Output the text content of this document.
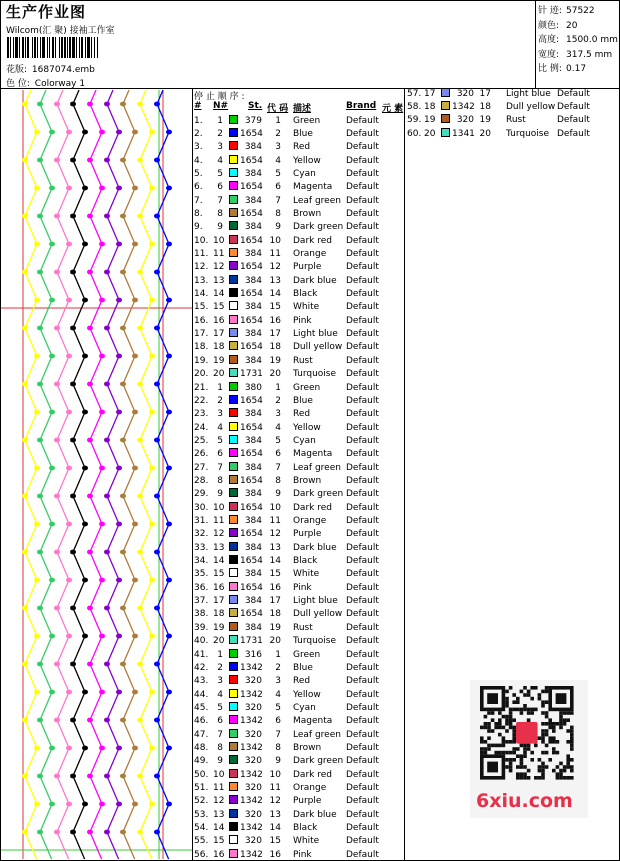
生产作业图
Wilcom(汇 聚) 接袖工作室
花版: 1687074.emb
色 位: Colorway 1
针 迹: 57522
颜色: 20
高度: 1500.0 mm
宽度: 317.5 mm
比 例: 0.17
停 止 顺 序 :
# N# St. 代 码 描述	Brand 元 素
1.	1	379	1 Green	Default
2.	2 1654	2 Blue	Default
3.	3	384	3 Red	Default
4.	4 1654	4 Yellow	Default
5.	5	384	5 Cyan	Default
6.	6 1654	6 Magenta Default
7.	7	384	7 Leaf green Default
8.	8 1654	8 Brown	Default
9.	9	384	9 Dark green Default
10. 10 1654 10 Dark red Default
11. 11	384 11 Orange Default
12. 12 1654 12 Purple	Default
13. 13	384 13 Dark blue Default
14. 14 1654 14 Black	Default
15. 15	384 15 White	Default
16. 16 1654 16 Pink	Default
17. 17	384 17 Light blue Default
18. 18 1654 18 Dull yellow Default
19. 19	384 19 Rust	Default
20. 20 1731 20 Turquoise Default
21. 1	380	1 Green	Default
22. 2 1654	2 Blue	Default
23. 3	384	3 Red	Default
24. 4 1654	4 Yellow	Default
25. 5	384	5 Cyan	Default
26. 6 1654	6 Magenta Default
27. 7	384	7 Leaf green Default
28. 8 1654	8 Brown	Default
29. 9	384	9 Dark green Default
30. 10 1654 10 Dark red Default
31. 11	384 11 Orange Default
32. 12 1654 12 Purple	Default
33. 13	384 13 Dark blue Default
34. 14 1654 14 Black	Default
35. 15	384 15 White	Default
36. 16 1654 16 Pink	Default
37. 17	384 17 Light blue Default
38. 18 1654 18 Dull yellow Default
39. 19	384 19 Rust	Default
40. 20 1731 20 Turquoise Default
41. 1	316	1 Green	Default
42. 2 1342	2 Blue	Default
43. 3	320	3 Red	Default
44. 4 1342	4 Yellow	Default
45. 5	320	5 Cyan	Default
46. 6 1342	6 Magenta Default
47. 7	320	7 Leaf green Default
48. 8 1342	8 Brown	Default
49. 9	320	9 Dark green Default
50. 10 1342 10 Dark red Default
51. 11	320 11 Orange Default
52. 12 1342 12 Purple	Default
53. 13	320 13 Dark blue Default
54. 14 1342 14 Black	Default
55. 15	320 15 White	Default
56. 16 1342 16 Pink	Default
57. 17	320 17 Light blue Default
58. 18 1342 18 Dull yellow Default
59. 19	320 19 Rust	Default
60. 20 1341 20 Turquoise Default
6xiu.com
